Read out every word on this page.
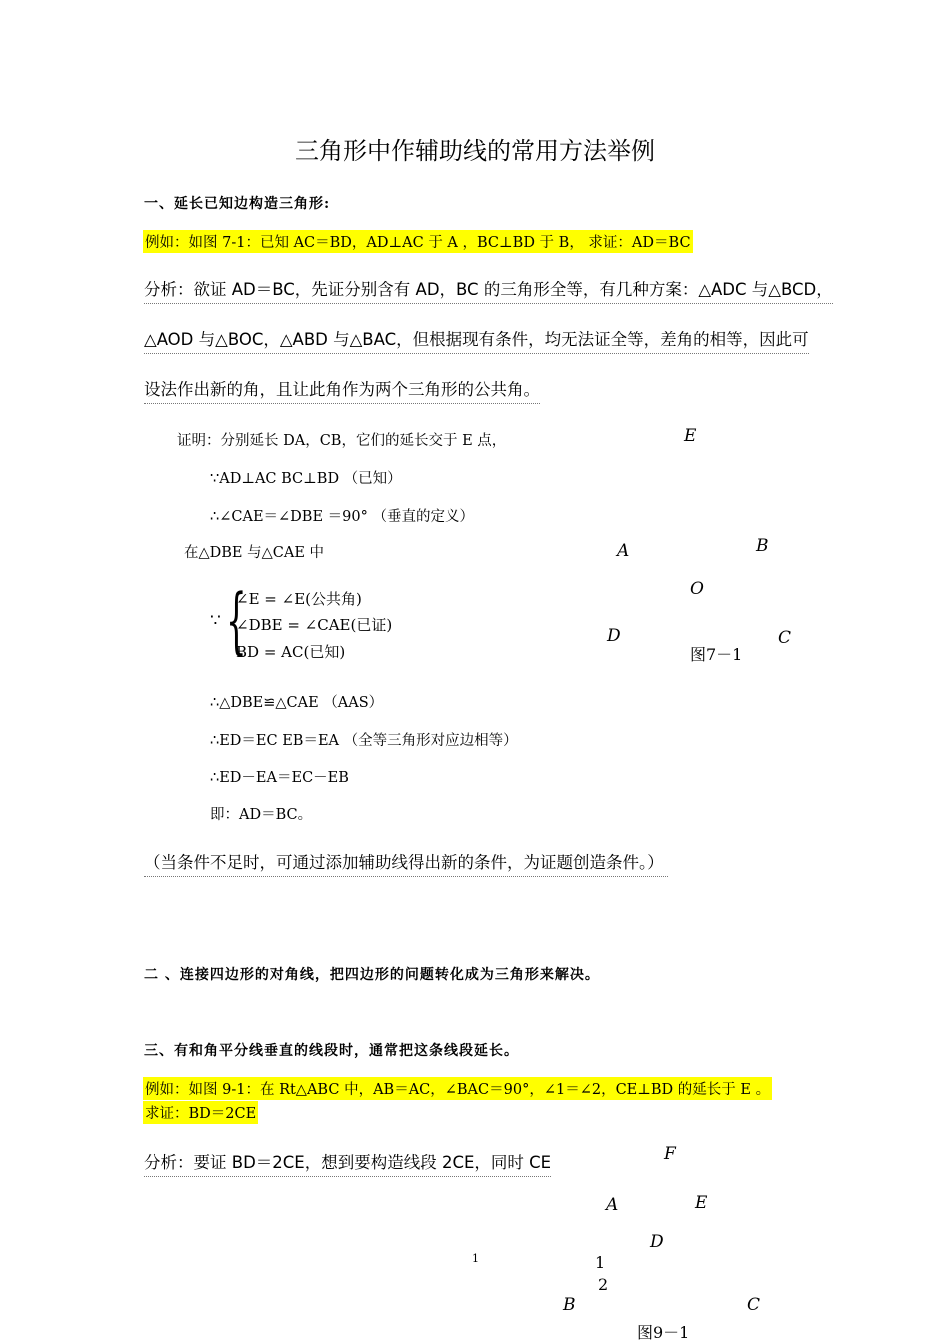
三角形中作辅助线的常用方法举例
一、延长已知边构造三角形:
例如：如图 7-1：已知 AC＝BD，AD⊥AC 于 A ，BC⊥BD 于 B， 求证：AD＝BC
分析：欲证 AD＝BC，先证分别含有 AD，BC 的三角形全等，有几种方案：△ADC 与△BCD，
△AOD 与△BOC，△ABD 与△BAC，但根据现有条件，均无法证全等，差角的相等，因此可
设法作出新的角，且让此角作为两个三角形的公共角。
证明：分别延长 DA，CB，它们的延长交于 E 点，
∵AD⊥AC BC⊥BD （已知）
∴∠CAE＝∠DBE ＝90° （垂直的定义）
在△DBE 与△CAE 中
∵ {
∠E = ∠E(公共角)
∠DBE = ∠CAE(已证)
BD = AC(已知)
∴△DBE≌△CAE （AAS）
∴ED＝EC EB＝EA （全等三角形对应边相等）
∴ED－EA＝EC－EB
即：AD＝BC。
E
A	B
O
D	C
图7－1
（当条件不足时，可通过添加辅助线得出新的条件，为证题创造条件。）
二 、连接四边形的对角线，把四边形的问题转化成为三角形来解决。
三、有和角平分线垂直的线段时，通常把这条线段延长。
例如：如图 9-1：在 Rt△ABC 中，AB＝AC，∠BAC＝90°，∠1＝∠2，CE⊥BD 的延长于 E 。
求证：BD＝2CE
分析：要证 BD＝2CE，想到要构造线段 2CE，同时 CE	F
A	E
D
1
2
B	C
图9－1
1
